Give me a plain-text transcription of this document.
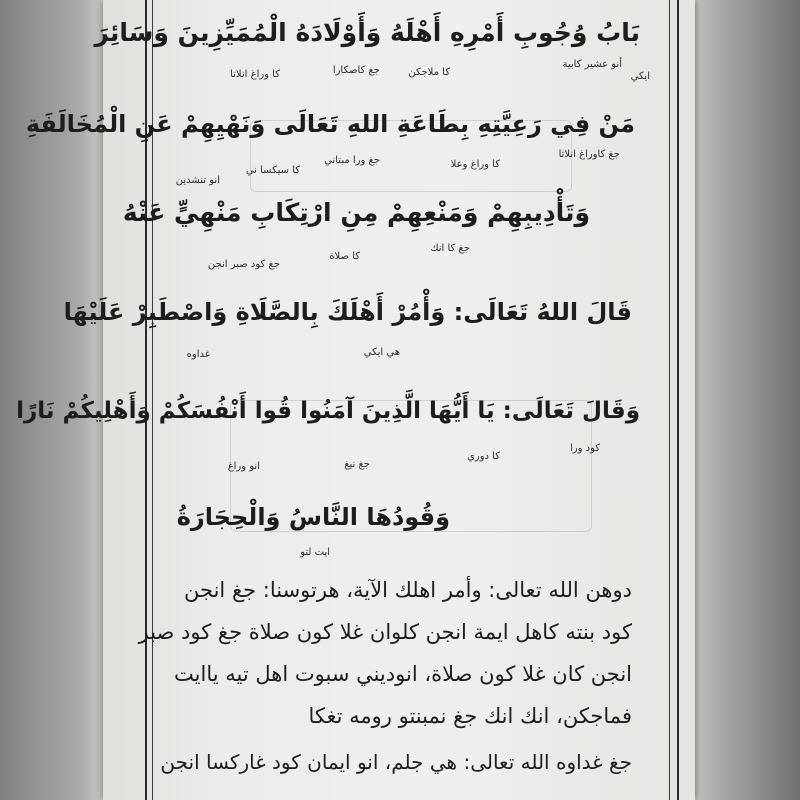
بَابُ وُجُوبِ أَمْرِهِ أَهْلَهُ وَأَوْلَادَهُ الْمُمَيِّزِينَ وَسَائِرَ
أنو عشير كابية
ايكي
كا ملاجكن
جغ كاصكارا
كا وراغ انلاتا
مَنْ فِي رَعِيَّتِهِ بِطَاعَةِ اللهِ تَعَالَى وَنَهْيِهِمْ عَنِ الْمُخَالَفَةِ
جغ كاوراغ انلاتا
كا وراغ وعلا
جغ ورا مبتاني
كا سيكسا ني
انو تنشدين
وَتَأْدِيبِهِمْ وَمَنْعِهِمْ مِنِ ارْتِكَابِ مَنْهِيٍّ عَنْهُ
جغ كا انك
كا صلاة
جغ كود صبر انجن
قَالَ اللهُ تَعَالَى: وَأْمُرْ أَهْلَكَ بِالصَّلَاةِ وَاصْطَبِرْ عَلَيْهَا
غداوه	هي ايكي
وَقَالَ تَعَالَى: يَا أَيُّهَا الَّذِينَ آمَنُوا قُوا أَنْفُسَكُمْ وَأَهْلِيكُمْ نَارًا
كود ورا
كا دوري
جغ نيغ
انو وراغ
وَقُودُهَا النَّاسُ وَالْحِجَارَةُ
ايت لتو
دوهن الله تعالى: وأمر اهلك الآية، هرتوسنا: جغ انجن
كود بنته كاهل ايمة انجن كلوان غلا كون صلاة جغ كود صبر
انجن كان غلا كون صلاة، انوديني سبوت اهل تيه ياايت
فماجكن، انك انك جغ نمبنتو رومه تغكا
جغ غداوه الله تعالى: هي جلم، انو ايمان كود غاركسا انجن
